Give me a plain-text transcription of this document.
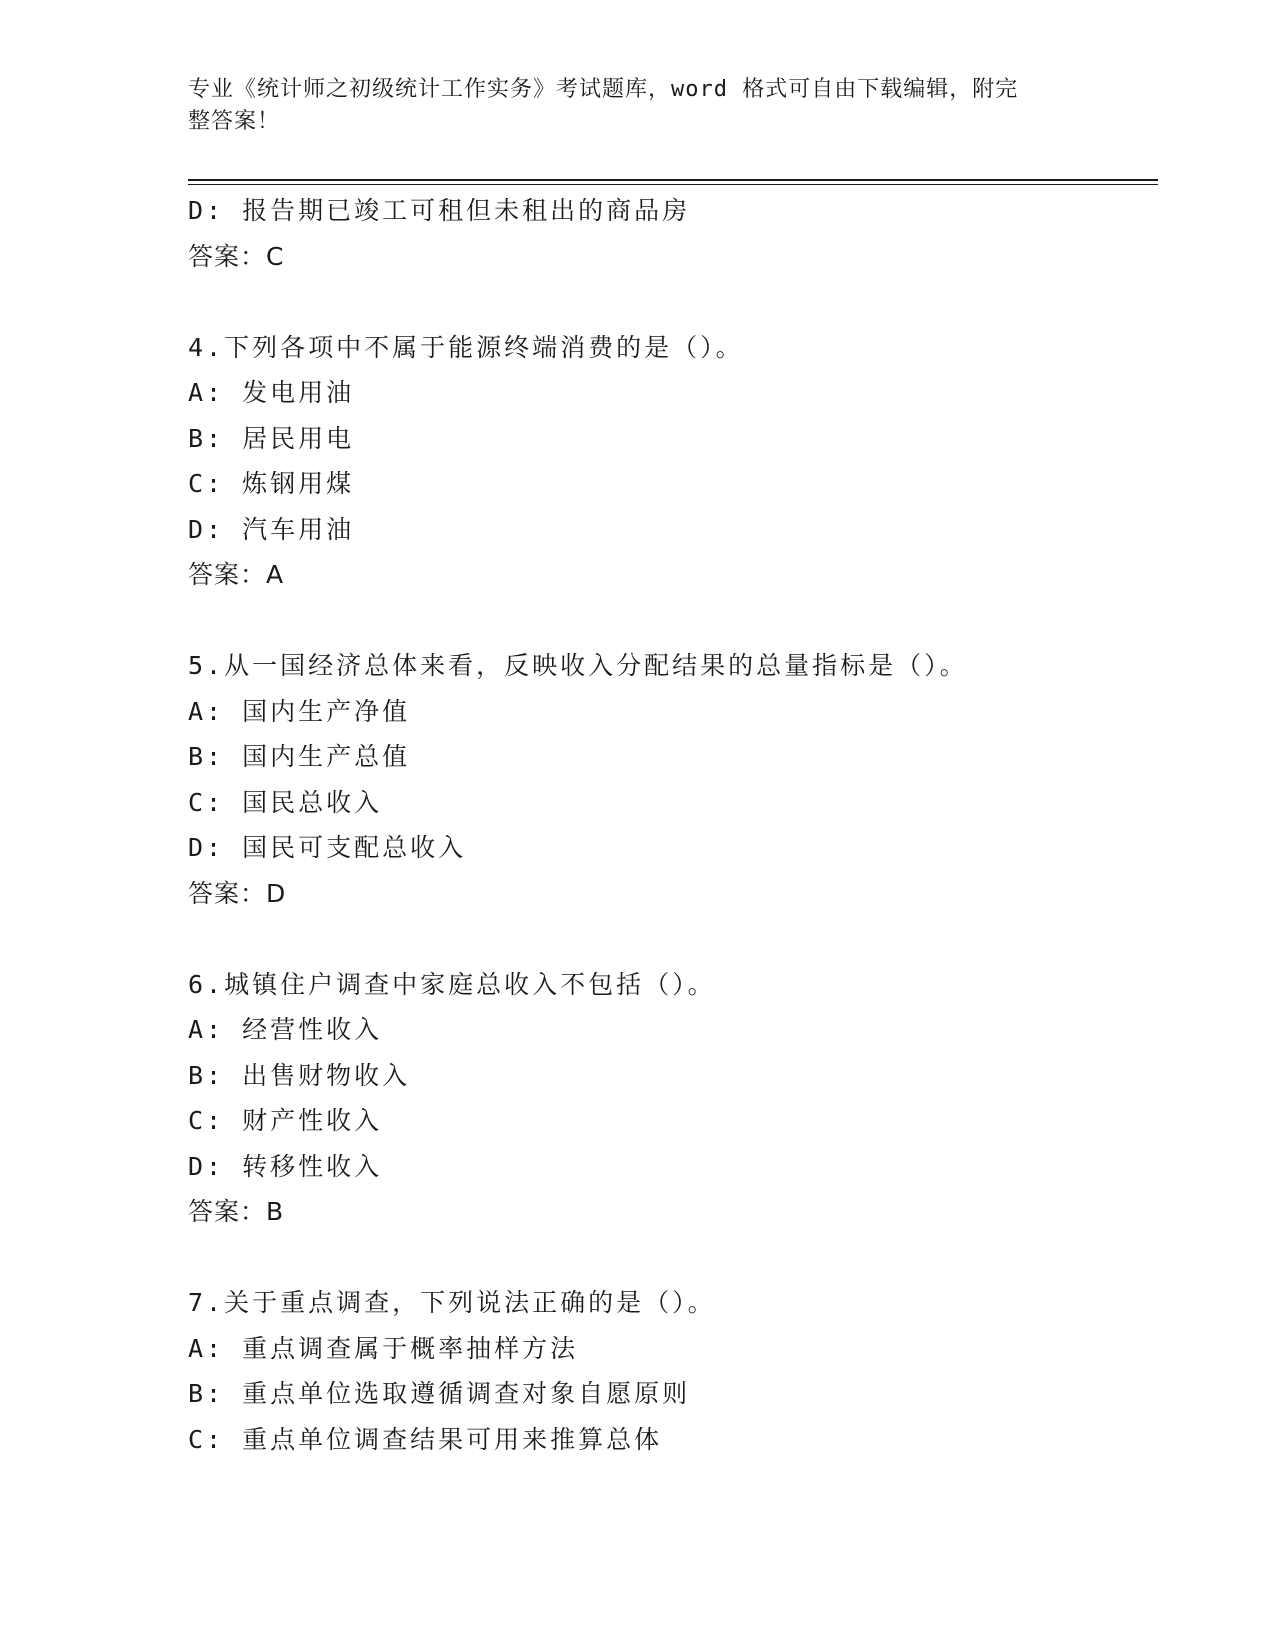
专业《统计师之初级统计工作实务》考试题库，word 格式可自由下载编辑，附完
整答案！
D: 报告期已竣工可租但未租出的商品房
答案：C
4.下列各项中不属于能源终端消费的是（）。
A: 发电用油
B: 居民用电
C: 炼钢用煤
D: 汽车用油
答案：A
5.从一国经济总体来看，反映收入分配结果的总量指标是（）。
A: 国内生产净值
B: 国内生产总值
C: 国民总收入
D: 国民可支配总收入
答案：D
6.城镇住户调查中家庭总收入不包括（）。
A: 经营性收入
B: 出售财物收入
C: 财产性收入
D: 转移性收入
答案：B
7.关于重点调查，下列说法正确的是（）。
A: 重点调查属于概率抽样方法
B: 重点单位选取遵循调查对象自愿原则
C: 重点单位调查结果可用来推算总体
